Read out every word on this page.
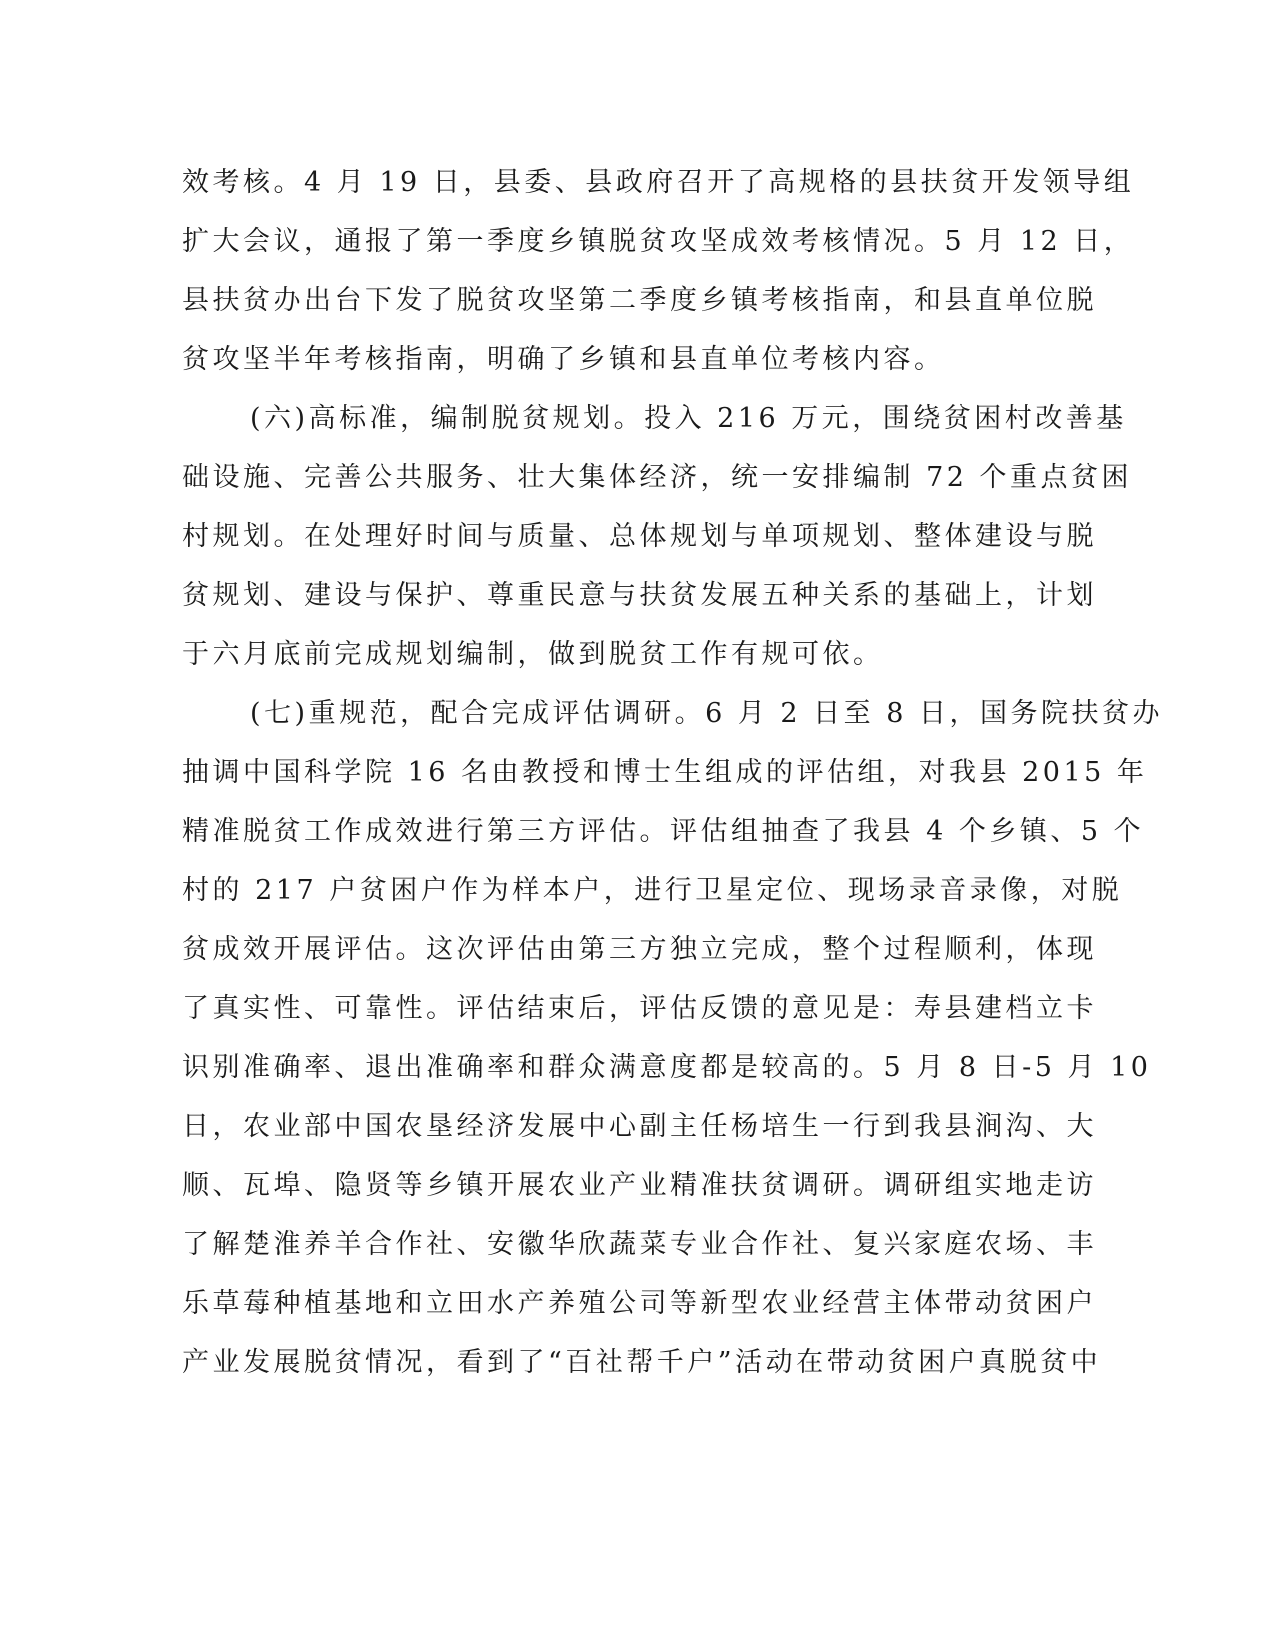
效考核。4 月 19 日，县委、县政府召开了高规格的县扶贫开发领导组
扩大会议，通报了第一季度乡镇脱贫攻坚成效考核情况。5 月 12 日，
县扶贫办出台下发了脱贫攻坚第二季度乡镇考核指南，和县直单位脱
贫攻坚半年考核指南，明确了乡镇和县直单位考核内容。
(六)高标准，编制脱贫规划。投入 216 万元，围绕贫困村改善基
础设施、完善公共服务、壮大集体经济，统一安排编制 72 个重点贫困
村规划。在处理好时间与质量、总体规划与单项规划、整体建设与脱
贫规划、建设与保护、尊重民意与扶贫发展五种关系的基础上，计划
于六月底前完成规划编制，做到脱贫工作有规可依。
(七)重规范，配合完成评估调研。6 月 2 日至 8 日，国务院扶贫办
抽调中国科学院 16 名由教授和博士生组成的评估组，对我县 2015 年
精准脱贫工作成效进行第三方评估。评估组抽查了我县 4 个乡镇、5 个
村的 217 户贫困户作为样本户，进行卫星定位、现场录音录像，对脱
贫成效开展评估。这次评估由第三方独立完成，整个过程顺利，体现
了真实性、可靠性。评估结束后，评估反馈的意见是：寿县建档立卡
识别准确率、退出准确率和群众满意度都是较高的。5 月 8 日-5 月 10
日，农业部中国农垦经济发展中心副主任杨培生一行到我县涧沟、大
顺、瓦埠、隐贤等乡镇开展农业产业精准扶贫调研。调研组实地走访
了解楚淮养羊合作社、安徽华欣蔬菜专业合作社、复兴家庭农场、丰
乐草莓种植基地和立田水产养殖公司等新型农业经营主体带动贫困户
产业发展脱贫情况，看到了“百社帮千户”活动在带动贫困户真脱贫中
